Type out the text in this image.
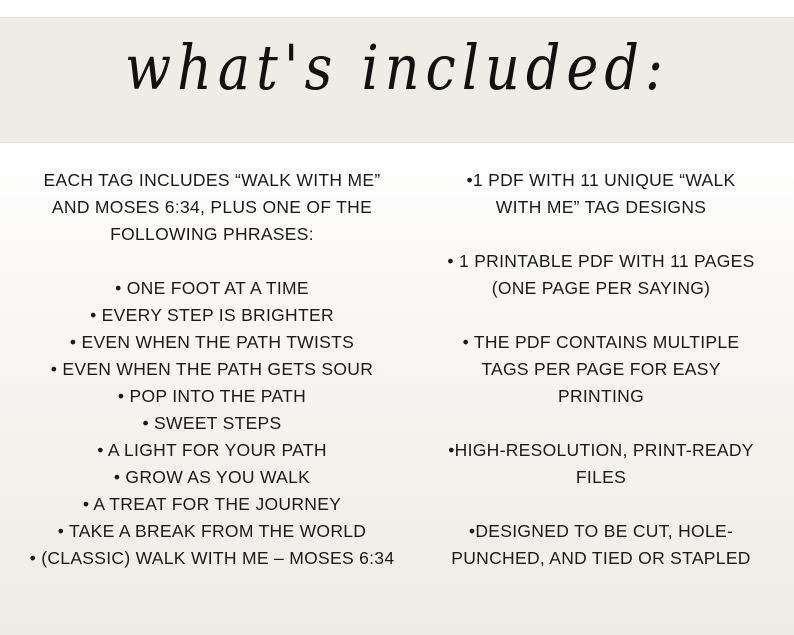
what's included:
EACH TAG INCLUDES “WALK WITH ME”
AND MOSES 6:34, PLUS ONE OF THE
FOLLOWING PHRASES:
• ONE FOOT AT A TIME
• EVERY STEP IS BRIGHTER
• EVEN WHEN THE PATH TWISTS
• EVEN WHEN THE PATH GETS SOUR
• POP INTO THE PATH
• SWEET STEPS
• A LIGHT FOR YOUR PATH
• GROW AS YOU WALK
• A TREAT FOR THE JOURNEY
• TAKE A BREAK FROM THE WORLD
• (CLASSIC) WALK WITH ME – MOSES 6:34
•1 PDF WITH 11 UNIQUE “WALK
WITH ME” TAG DESIGNS
• 1 PRINTABLE PDF WITH 11 PAGES
(ONE PAGE PER SAYING)
• THE PDF CONTAINS MULTIPLE
TAGS PER PAGE FOR EASY
PRINTING
•HIGH-RESOLUTION, PRINT-READY
FILES
•DESIGNED TO BE CUT, HOLE-
PUNCHED, AND TIED OR STAPLED
